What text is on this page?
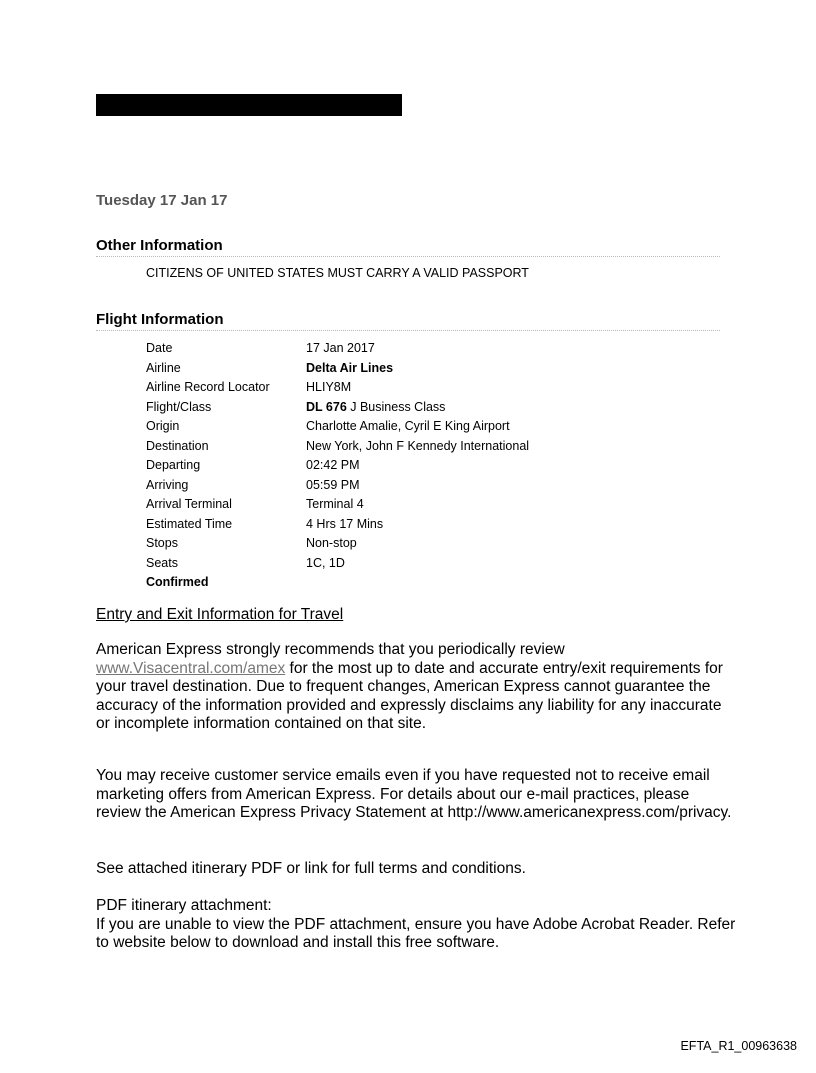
Tuesday 17 Jan 17
Other Information
CITIZENS OF UNITED STATES MUST CARRY A VALID PASSPORT
Flight Information
Date	17 Jan 2017
Airline	Delta Air Lines
Airline Record Locator	HLIY8M
Flight/Class	DL 676 J Business Class
Origin	Charlotte Amalie, Cyril E King Airport
Destination	New York, John F Kennedy International
Departing	02:42 PM
Arriving	05:59 PM
Arrival Terminal	Terminal 4
Estimated Time	4 Hrs 17 Mins
Stops	Non-stop
Seats	1C, 1D
Confirmed
Entry and Exit Information for Travel
American Express strongly recommends that you periodically review
www.Visacentral.com/amex for the most up to date and accurate entry/exit requirements for your travel destination. Due to frequent changes, American Express cannot guarantee the accuracy of the information provided and expressly disclaims any liability for any inaccurate or incomplete information contained on that site.
You may receive customer service emails even if you have requested not to receive email marketing offers from American Express. For details about our e-mail practices, please review the American Express Privacy Statement at http://www.americanexpress.com/privacy.
See attached itinerary PDF or link for full terms and conditions.
PDF itinerary attachment:
If you are unable to view the PDF attachment, ensure you have Adobe Acrobat Reader. Refer to website below to download and install this free software.
EFTA_R1_00963638
